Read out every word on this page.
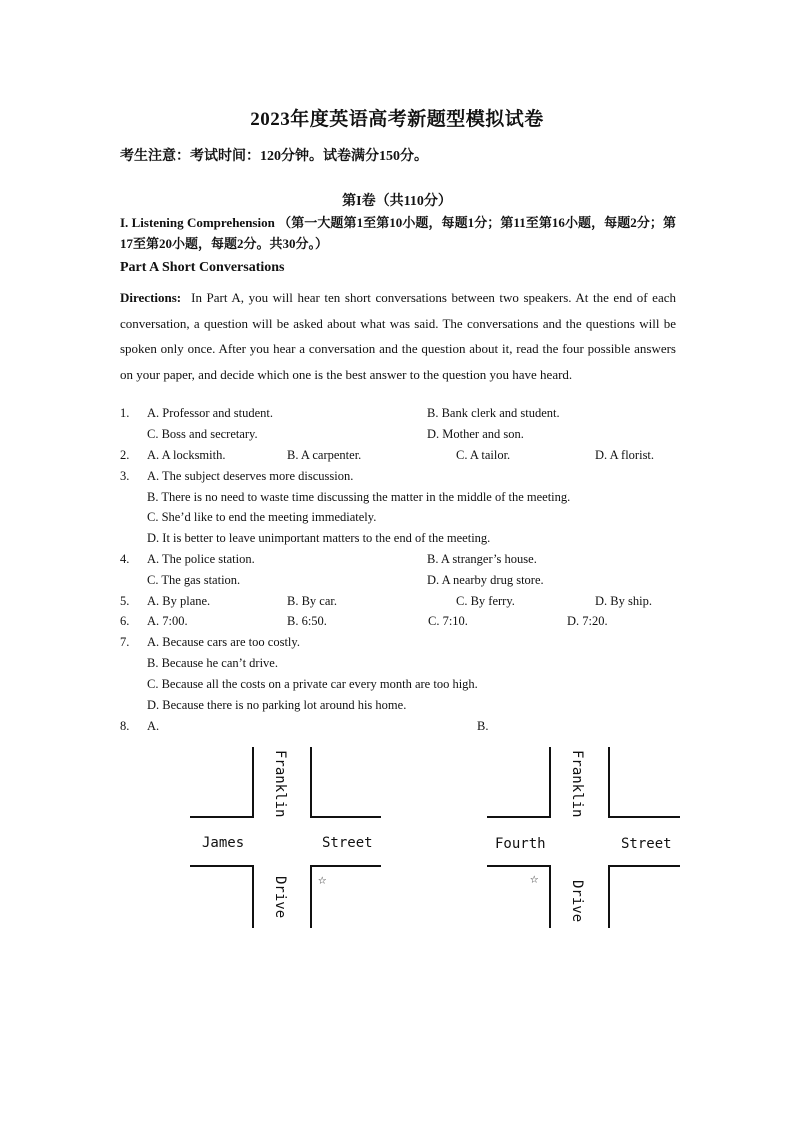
2023年度英语高考新题型模拟试卷
考生注意：考试时间：120分钟。试卷满分150分。
第I卷（共110分）
I. Listening Comprehension （第一大题第1至第10小题，每题1分；第11至第16小题，每题2分；第17至第20小题，每题2分。共30分。）
Part A Short Conversations
Directions: In Part A, you will hear ten short conversations between two speakers. At the end of each conversation, a question will be asked about what was said. The conversations and the questions will be spoken only once. After you hear a conversation and the question about it, read the four possible answers on your paper, and decide which one is the best answer to the question you have heard.
1. A. Professor and student.	B. Bank clerk and student.
C. Boss and secretary.	D. Mother and son.
2. A. A locksmith.	B. A carpenter.	C. A tailor.	D. A florist.
3. A. The subject deserves more discussion.
B. There is no need to waste time discussing the matter in the middle of the meeting.
C. She’d like to end the meeting immediately.
D. It is better to leave unimportant matters to the end of the meeting.
4. A. The police station.	B. A stranger’s house.
C. The gas station.	D. A nearby drug store.
5. A. By plane.	B. By car.	C. By ferry.	D. By ship.
6. A. 7:00.	B. 6:50.	C. 7:10.	D. 7:20.
7. A. Because cars are too costly.
B. Because he can’t drive.
C. Because all the costs on a private car every month are too high.
D. Because there is no parking lot around his home.
8. A.	B.
Franklin
James	Street
Drive ☆
Franklin
Fourth	Street
Drive
☆
